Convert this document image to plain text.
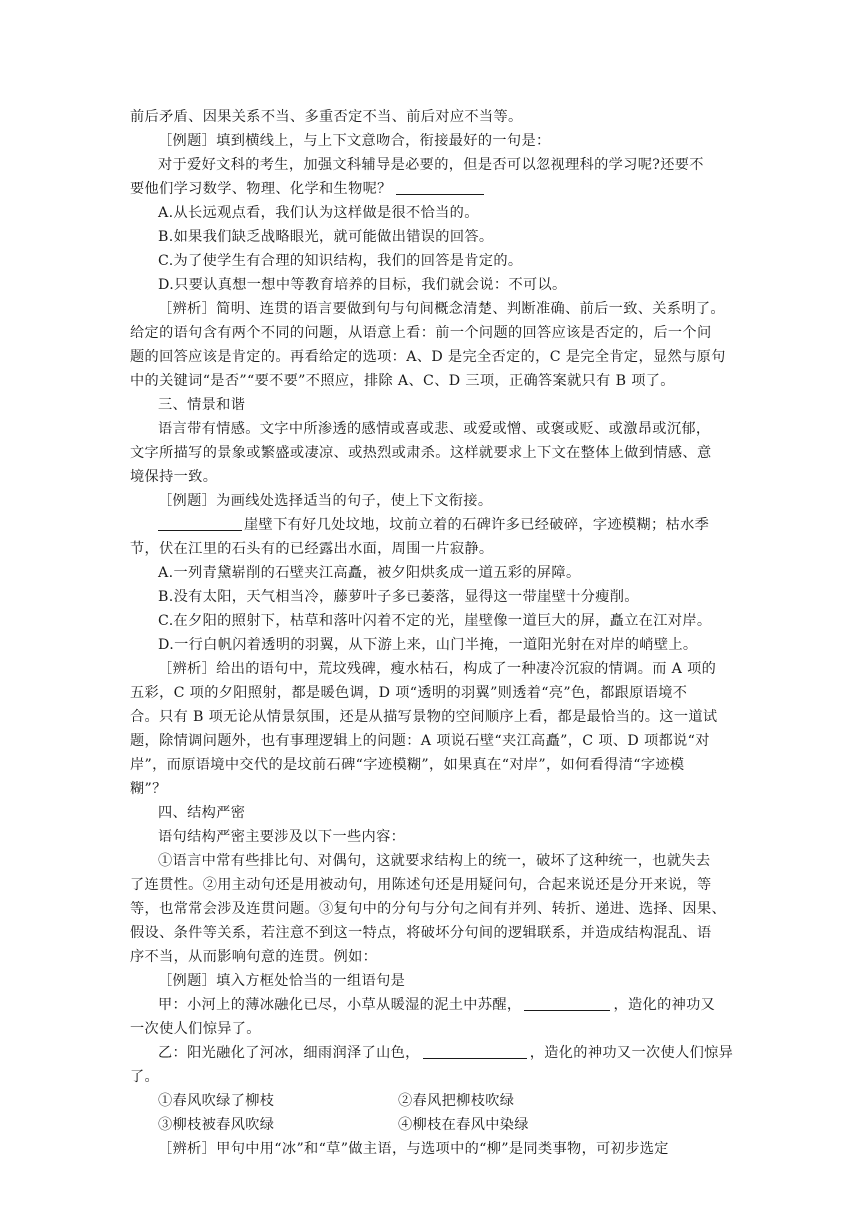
前后矛盾、因果关系不当、多重否定不当、前后对应不当等。
［例题］填到横线上，与上下文意吻合，衔接最好的一句是：
对于爱好文科的考生，加强文科辅导是必要的，但是否可以忽视理科的学习呢?还要不
要他们学习数学、物理、化学和生物呢？
A.从长远观点看，我们认为这样做是很不恰当的。
B.如果我们缺乏战略眼光，就可能做出错误的回答。
C.为了使学生有合理的知识结构，我们的回答是肯定的。
D.只要认真想一想中等教育培养的目标，我们就会说：不可以。
［辨析］简明、连贯的语言要做到句与句间概念清楚、判断准确、前后一致、关系明了。
给定的语句含有两个不同的问题，从语意上看：前一个问题的回答应该是否定的，后一个问
题的回答应该是肯定的。再看给定的选项：A、D 是完全否定的，C 是完全肯定，显然与原句
中的关键词“是否”“要不要”不照应，排除 A、C、D 三项，正确答案就只有 B 项了。
三、情景和谐
语言带有情感。文字中所渗透的感情或喜或悲、或爱或憎、或褒或贬、或激昂或沉郁，
文字所描写的景象或繁盛或凄凉、或热烈或肃杀。这样就要求上下文在整体上做到情感、意
境保持一致。
［例题］为画线处选择适当的句子，使上下文衔接。
崖壁下有好几处坟地，坟前立着的石碑许多已经破碎，字迹模糊；枯水季
节，伏在江里的石头有的已经露出水面，周围一片寂静。
A.一列青黛崭削的石壁夹江高矗，被夕阳烘炙成一道五彩的屏障。
B.没有太阳，天气相当冷，藤萝叶子多已萎落，显得这一带崖壁十分瘦削。
C.在夕阳的照射下，枯草和落叶闪着不定的光，崖壁像一道巨大的屏，矗立在江对岸。
D.一行白帆闪着透明的羽翼，从下游上来，山门半掩，一道阳光射在对岸的峭壁上。
［辨析］给出的语句中，荒坟残碑，瘦水枯石，构成了一种凄冷沉寂的情调。而 A 项的
五彩，C 项的夕阳照射，都是暖色调，D 项“透明的羽翼”则透着“亮”色，都跟原语境不
合。只有 B 项无论从情景氛围，还是从描写景物的空间顺序上看，都是最恰当的。这一道试
题，除情调问题外，也有事理逻辑上的问题：A 项说石壁“夹江高矗”，C 项、D 项都说“对
岸”，而原语境中交代的是坟前石碑“字迹模糊”，如果真在“对岸”，如何看得清“字迹模
糊”？
四、结构严密
语句结构严密主要涉及以下一些内容：
①语言中常有些排比句、对偶句，这就要求结构上的统一，破坏了这种统一，也就失去
了连贯性。②用主动句还是用被动句，用陈述句还是用疑问句，合起来说还是分开来说，等
等，也常常会涉及连贯问题。③复句中的分句与分句之间有并列、转折、递进、选择、因果、
假设、条件等关系，若注意不到这一特点，将破坏分句间的逻辑联系，并造成结构混乱、语
序不当，从而影响句意的连贯。例如：
［例题］填入方框处恰当的一组语句是
甲：小河上的薄冰融化已尽，小草从暖湿的泥土中苏醒，	，造化的神功又
一次使人们惊异了。
乙：阳光融化了河冰，细雨润泽了山色，	，造化的神功又一次使人们惊异
了。
①春风吹绿了柳枝	②春风把柳枝吹绿
③柳枝被春风吹绿	④柳枝在春风中染绿
［辨析］甲句中用“冰”和“草”做主语，与选项中的“柳”是同类事物，可初步选定
